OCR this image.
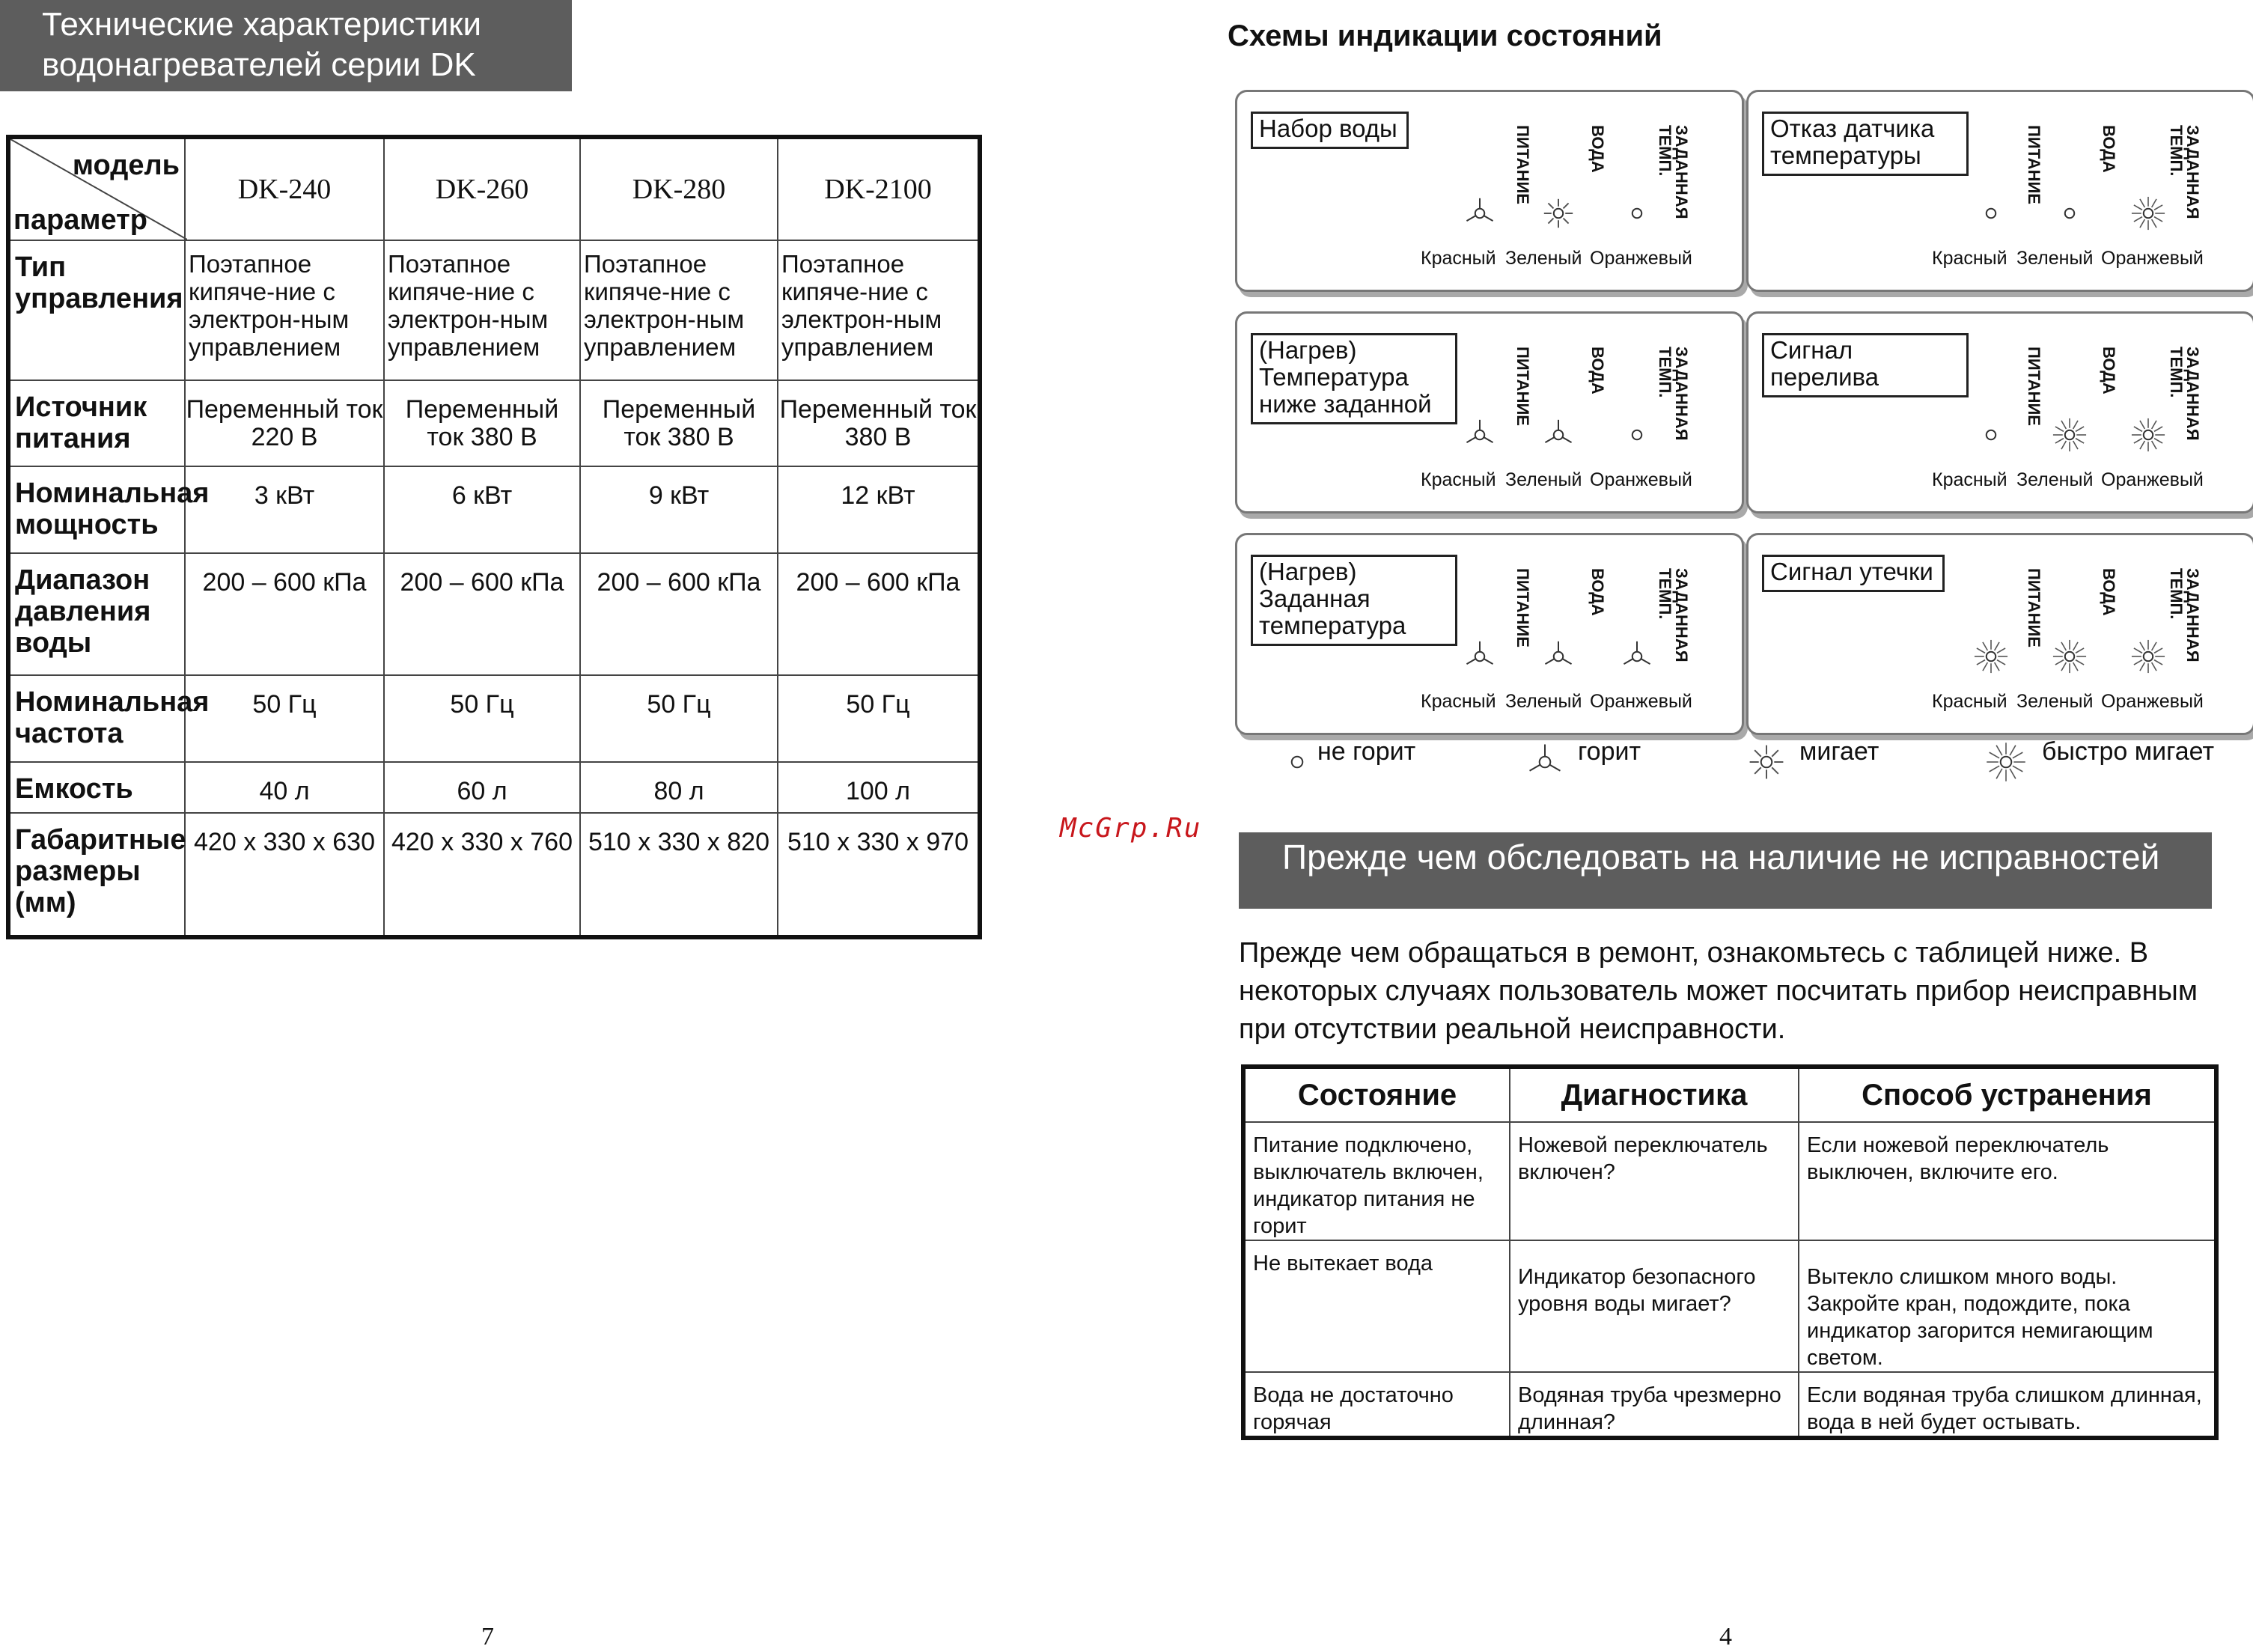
Технические характеристики
водонагревателей серии DK
модель
параметр	DK-240	DK-260	DK-280	DK-2100
Тип управления	Поэтапное кипяче-ние с электрон-ным управлением	Поэтапное кипяче-ние с электрон-ным управлением	Поэтапное кипяче-ние с электрон-ным управлением	Поэтапное кипяче-ние с электрон-ным управлением
Источник питания	Переменный ток 220 В	Переменный ток 380 В	Переменный ток 380 В	Переменный ток 380 В
Номинальная мощность	3 кВт	6 кВт	9 кВт	12 кВт
Диапазон давления воды	200 – 600 кПа	200 – 600 кПа	200 – 600 кПа	200 – 600 кПа
Номинальная частота	50 Гц	50 Гц	50 Гц	50 Гц
Емкость	40 л	60 л	80 л	100 л
Габаритные размеры (мм)	420 x 330 x 630	420 x 330 x 760	510 x 330 x 820	510 x 330 x 970
7
Схемы индикации состояний
Набор воды	ПИТАНИЕ	ВОДА	ЗАДАННАЯ
ТЕМП.
Красный Зеленый Оранжевый
Отказ датчика температуры	ПИТАНИЕ	ВОДА	ЗАДАННАЯ
ТЕМП.
Красный Зеленый Оранжевый
(Нагрев) Температура ниже заданной	ПИТАНИЕ	ВОДА	ЗАДАННАЯ
ТЕМП.
Красный Зеленый Оранжевый
Сигнал перелива	ПИТАНИЕ	ВОДА	ЗАДАННАЯ
ТЕМП.
Красный Зеленый Оранжевый
(Нагрев) Заданная температура	ПИТАНИЕ	ВОДА	ЗАДАННАЯ
ТЕМП.
Красный Зеленый Оранжевый
Сигнал утечки	ПИТАНИЕ	ВОДА	ЗАДАННАЯ
ТЕМП.
Красный Зеленый Оранжевый
не горит	горит	мигает	быстро мигает
McGrp.Ru
Прежде чем обследовать на наличие не исправностей
Прежде чем обращаться в ремонт, ознакомьтесь с таблицей ниже. В некоторых случаях пользователь может посчитать прибор неисправным при отсутствии реальной неисправности.
Состояние	Диагностика	Способ устранения
Питание подключено, выключатель включен, индикатор питания не горит	Ножевой переключатель включен?	Если ножевой переключатель выключен, включите его.
Не вытекает вода	Индикатор безопасного уровня воды мигает?	Вытекло слишком много воды. Закройте кран, подождите, пока индикатор загорится немигающим светом.
Вода не достаточно горячая	Водяная труба чрезмерно длинная?	Если водяная труба слишком длинная, вода в ней будет остывать.
4
